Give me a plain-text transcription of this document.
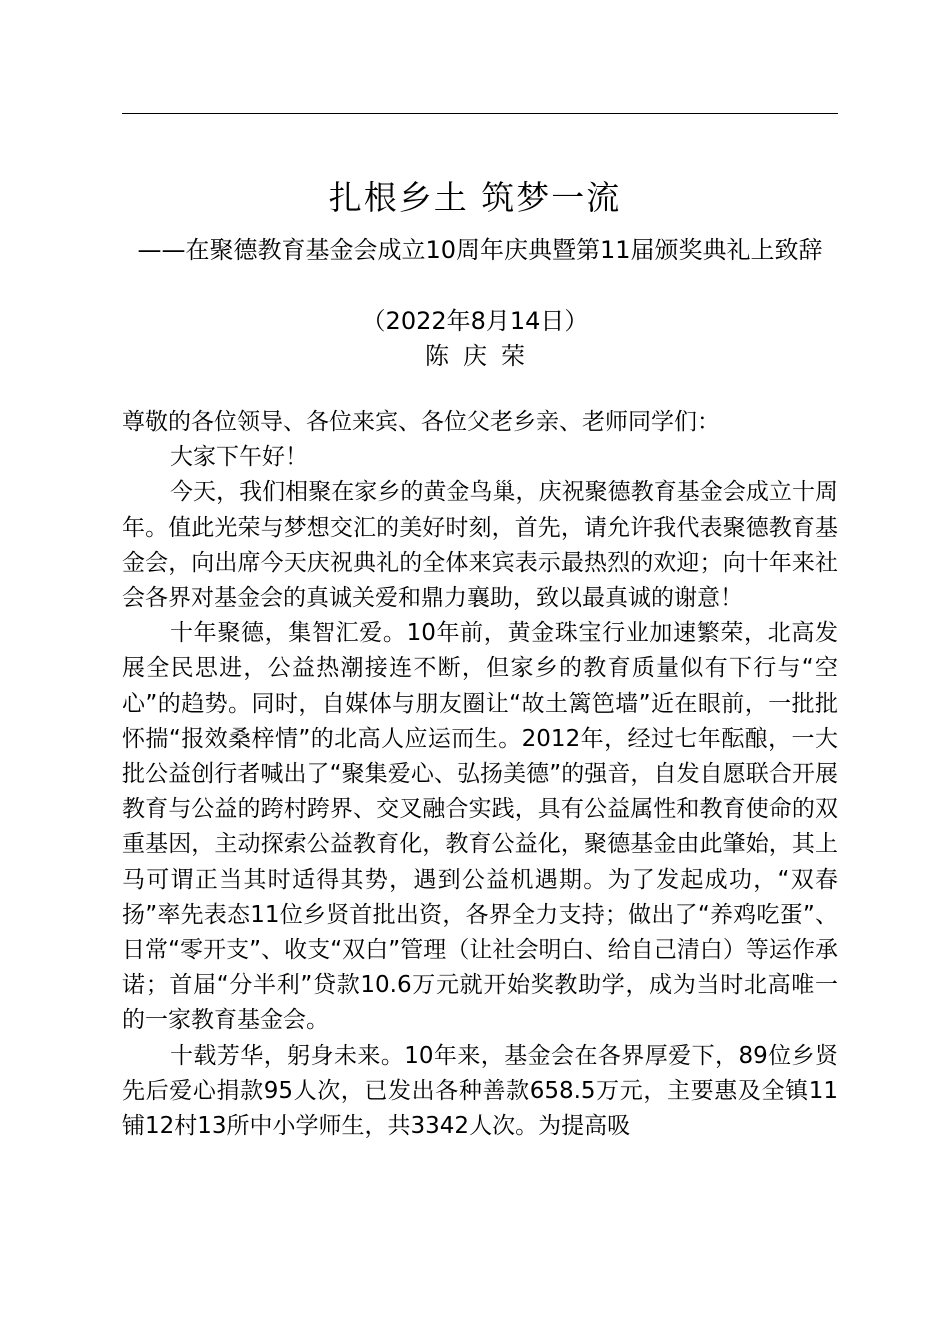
扎根乡土 筑梦一流
——在聚德教育基金会成立10周年庆典暨第11届颁奖典礼上致辞
（2022年8月14日）
陈庆荣

尊敬的各位领导、各位来宾、各位父老乡亲、老师同学们：

大家下午好！

今天，我们相聚在家乡的黄金鸟巢，庆祝聚德教育基金会成立十周年。值此光荣与梦想交汇的美好时刻，首先，请允许我代表聚德教育基金会，向出席今天庆祝典礼的全体来宾表示最热烈的欢迎；向十年来社会各界对基金会的真诚关爱和鼎力襄助，致以最真诚的谢意！

十年聚德，集智汇爱。10年前，黄金珠宝行业加速繁荣，北高发展全民思进，公益热潮接连不断，但家乡的教育质量似有下行与“空心”的趋势。同时，自媒体与朋友圈让“故土篱笆墙”近在眼前，一批批怀揣“报效桑梓情”的北高人应运而生。2012年，经过七年酝酿，一大批公益创行者喊出了“聚集爱心、弘扬美德”的强音，自发自愿联合开展教育与公益的跨村跨界、交叉融合实践，具有公益属性和教育使命的双重基因，主动探索公益教育化，教育公益化，聚德基金由此肇始，其上马可谓正当其时适得其势，遇到公益机遇期。为了发起成功，“双春扬”率先表态11位乡贤首批出资，各界全力支持；做出了“养鸡吃蛋”、日常“零开支”、收支“双白”管理（让社会明白、给自己清白）等运作承诺；首届“分半利”贷款10.6万元就开始奖教助学，成为当时北高唯一的一家教育基金会。

十载芳华，躬身未来。10年来，基金会在各界厚爱下，89位乡贤先后爱心捐款95人次，已发出各种善款658.5万元，主要惠及全镇11铺12村13所中小学师生，共3342人次。为提高吸
